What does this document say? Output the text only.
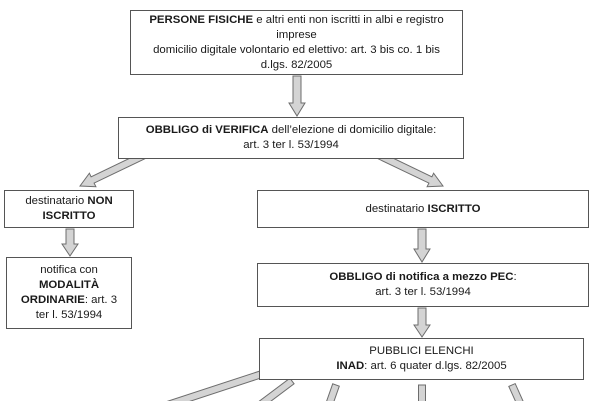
PERSONE FISICHE e altri enti non iscritti in albi e registro
imprese
domicilio digitale volontario ed elettivo: art. 3 bis co. 1 bis
d.lgs. 82/2005
OBBLIGO di VERIFICA dell’elezione di domicilio digitale:
art. 3 ter l. 53/1994
destinatario NON
ISCRITTO
destinatario ISCRITTO
notifica con
MODALITÀ
ORDINARIE: art. 3
ter l. 53/1994
OBBLIGO di notifica a mezzo PEC:
art. 3 ter l. 53/1994
PUBBLICI ELENCHI
INAD: art. 6 quater d.lgs. 82/2005
